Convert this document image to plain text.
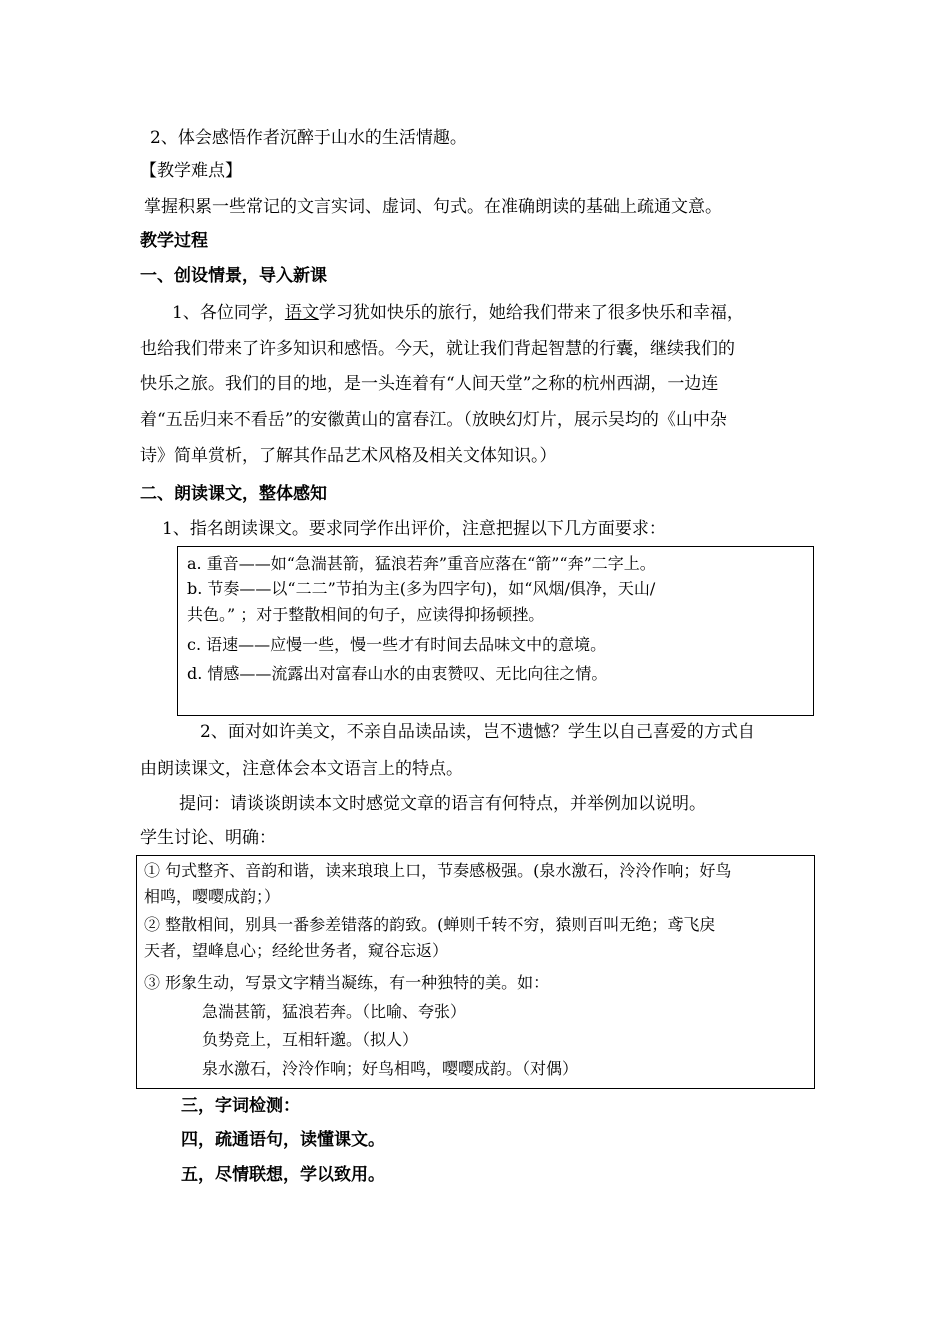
2、体会感悟作者沉醉于山水的生活情趣。
【教学难点】
掌握积累一些常记的文言实词、虚词、句式。在准确朗读的基础上疏通文意。
教学过程
一、创设情景，导入新课
1、各位同学，语文学习犹如快乐的旅行，她给我们带来了很多快乐和幸福，
也给我们带来了许多知识和感悟。今天，就让我们背起智慧的行囊，继续我们的
快乐之旅。我们的目的地，是一头连着有“人间天堂”之称的杭州西湖，一边连
着“五岳归来不看岳”的安徽黄山的富春江。（放映幻灯片，展示吴均的《山中杂
诗》简单赏析，了解其作品艺术风格及相关文体知识。）
二、朗读课文，整体感知
1、指名朗读课文。要求同学作出评价，注意把握以下几方面要求：
a. 重音——如“急湍甚箭，猛浪若奔”重音应落在“箭”“奔”二字上。
b. 节奏——以“二二”节拍为主(多为四字句)，如“风烟/俱净，天山/
共色。” ；对于整散相间的句子，应读得抑扬顿挫。
c. 语速——应慢一些，慢一些才有时间去品味文中的意境。
d. 情感——流露出对富春山水的由衷赞叹、无比向往之情。
2、面对如许美文，不亲自品读品读，岂不遗憾？学生以自己喜爱的方式自
由朗读课文，注意体会本文语言上的特点。
提问：请谈谈朗读本文时感觉文章的语言有何特点，并举例加以说明。
学生讨论、明确：
① 句式整齐、音韵和谐，读来琅琅上口，节奏感极强。(泉水激石，泠泠作响；好鸟
相鸣，嘤嘤成韵；）
② 整散相间，别具一番参差错落的韵致。(蝉则千转不穷，猿则百叫无绝；鸢飞戾
天者，望峰息心；经纶世务者，窥谷忘返）
③ 形象生动，写景文字精当凝练，有一种独特的美。如：
急湍甚箭，猛浪若奔。（比喻、夸张）
负势竞上，互相轩邈。（拟人）
泉水激石，泠泠作响；好鸟相鸣，嘤嘤成韵。（对偶）
三，字词检测：
四，疏通语句，读懂课文。
五，尽情联想，学以致用。
